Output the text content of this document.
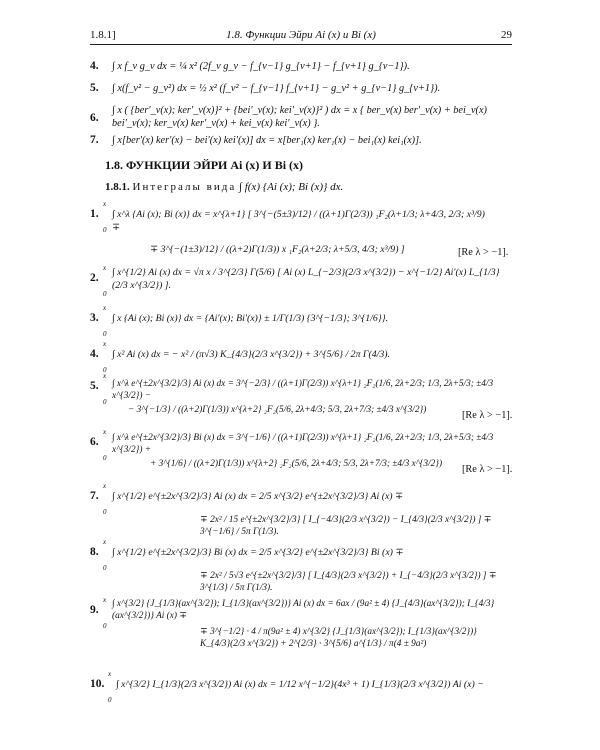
1.8.1]	1.8. Функции Эйри Ai (x) и Bi (x)	29
4. ∫ x f_ν g_ν dx = ¼ x² (2f_ν g_ν − f_{ν−1} g_{ν+1} − f_{ν+1} g_{ν−1}).
5. ∫ x(f_ν² − g_ν²) dx = ½ x² (f_ν² − f_{ν−1} f_{ν+1} − g_ν² + g_{ν−1} g_{ν+1}).
6.
∫ x ( {ber′_ν(x); ker′_ν(x)}² + {bei′_ν(x); kei′_ν(x)}² ) dx = x { ber_ν(x) ber′_ν(x) + bei_ν(x) bei′_ν(x); ker_ν(x) ker′_ν(x) + kei_ν(x) kei′_ν(x) }.
7. ∫ x[ber′(x) ker′(x) − bei′(x) kei′(x)] dx = x[ber₁(x) ker₁(x) − bei₁(x) kei₁(x)].
1.8. ФУНКЦИИ ЭЙРИ Ai (x) И Bi (x)
1.8.1. Интегралы вида ∫ f(x) {Ai (x); Bi (x)} dx.
1.
x
0
∫ x^λ {Ai (x); Bi (x)} dx = x^{λ+1} [ 3^{−(5±3)/12} / ((λ+1)Γ(2/3)) ₁F₂(λ+1/3; λ+4/3, 2/3; x³/9) ∓
∓ 3^{−(1±3)/12} / ((λ+2)Γ(1/3)) x ₁F₂(λ+2/3; λ+5/3, 4/3; x³/9) ]	[Re λ > −1].
2.
x
0
∫ x^{1/2} Ai (x) dx = √π x / 3^{2/3} Γ(5/6) [ Ai (x) L_{−2/3}(2/3 x^{3/2}) − x^{−1/2} Ai′(x) L_{1/3}(2/3 x^{3/2}) ].
3.
x
0
∫ x {Ai (x); Bi (x)} dx = {Ai′(x); Bi′(x)} ± 1/Γ(1/3) {3^{−1/3}; 3^{1/6}}.
4.
x
0
∫ x² Ai (x) dx = − x² / (π√3) K_{4/3}(2/3 x^{3/2}) + 3^{5/6} / 2π Γ(4/3).
5.
x
0
∫ x^λ e^{±2x^{3/2}/3} Ai (x) dx = 3^{−2/3} / ((λ+1)Γ(2/3)) x^{λ+1} ₂F₂(1/6, 2λ+2/3; 1/3, 2λ+5/3; ±4/3 x^{3/2}) −
− 3^{−1/3} / ((λ+2)Γ(1/3)) x^{λ+2} ₂F₂(5/6, 2λ+4/3; 5/3, 2λ+7/3; ±4/3 x^{3/2})	[Re λ > −1].
6.
x
0
∫ x^λ e^{±2x^{3/2}/3} Bi (x) dx = 3^{−1/6} / ((λ+1)Γ(2/3)) x^{λ+1} ₂F₂(1/6, 2λ+2/3; 1/3, 2λ+5/3; ±4/3 x^{3/2}) +
+ 3^{1/6} / ((λ+2)Γ(1/3)) x^{λ+2} ₂F₂(5/6, 2λ+4/3; 5/3, 2λ+7/3; ±4/3 x^{3/2})	[Re λ > −1].
7.
x
0
∫ x^{1/2} e^{±2x^{3/2}/3} Ai (x) dx = 2/5 x^{3/2} e^{±2x^{3/2}/3} Ai (x) ∓
∓ 2x² / 15 e^{±2x^{3/2}/3} [ I_{−4/3}(2/3 x^{3/2}) − I_{4/3}(2/3 x^{3/2}) ] ∓ 3^{−1/6} / 5π Γ(1/3).
8.
x
0
∫ x^{1/2} e^{±2x^{3/2}/3} Bi (x) dx = 2/5 x^{3/2} e^{±2x^{3/2}/3} Bi (x) ∓
∓ 2x² / 5√3 e^{±2x^{3/2}/3} [ I_{4/3}(2/3 x^{3/2}) + I_{−4/3}(2/3 x^{3/2}) ] ∓ 3^{1/3} / 5π Γ(1/3).
9.
x
0
∫ x^{3/2} {J_{1/3}(ax^{3/2}); I_{1/3}(ax^{3/2})} Ai (x) dx = 6ax / (9a² ± 4) {J_{4/3}(ax^{3/2}); I_{4/3}(ax^{3/2})} Ai (x) ∓
∓ 3^{−1/2} · 4 / π(9a² ± 4) x^{3/2} {J_{1/3}(ax^{3/2}); I_{1/3}(ax^{3/2})} K_{4/3}(2/3 x^{3/2}) + 2^{2/3} · 3^{5/6} a^{1/3} / π(4 ± 9a²)
10.
x
0
∫ x^{3/2} I_{1/3}(2/3 x^{3/2}) Ai (x) dx = 1/12 x^{−1/2}(4x³ + 1) I_{1/3}(2/3 x^{3/2}) Ai (x) −
